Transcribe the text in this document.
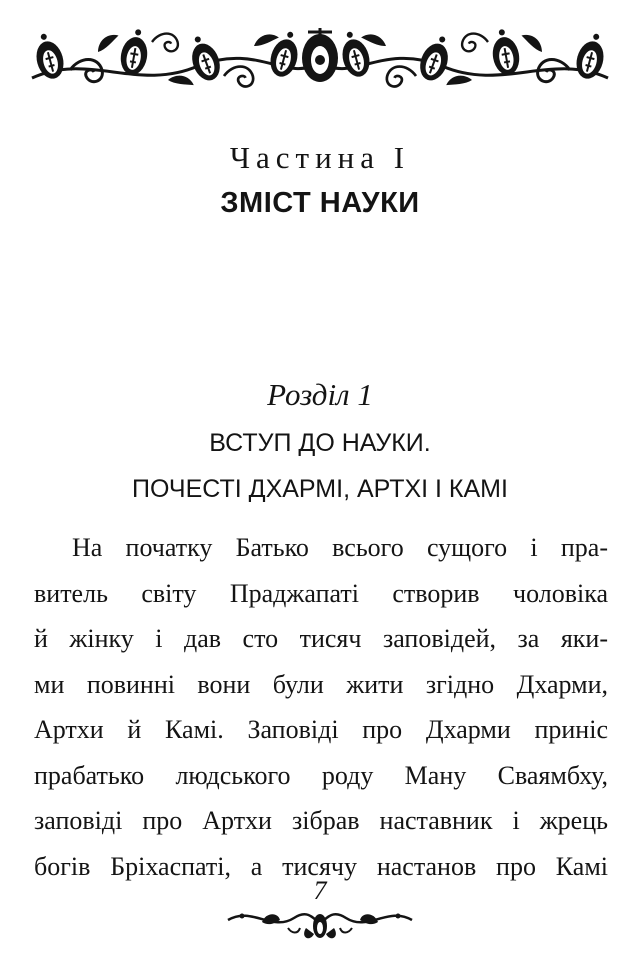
Частина I
ЗМІСТ НАУКИ
Розділ 1
ВСТУП ДО НАУКИ.
ПОЧЕСТІ ДХАРМІ, АРТХІ І КАМІ
На початку Батько всього сущого і пра-
витель світу Праджапаті створив чоловіка
й жінку і дав сто тисяч заповідей, за яки-
ми повинні вони були жити згідно Дхарми,
Артхи й Камі. Заповіді про Дхарми приніс
прабатько людського роду Ману Сваямбху,
заповіді про Артхи зібрав наставник і жрець
богів Бріхаспаті, а тисячу настанов про Камі
7
